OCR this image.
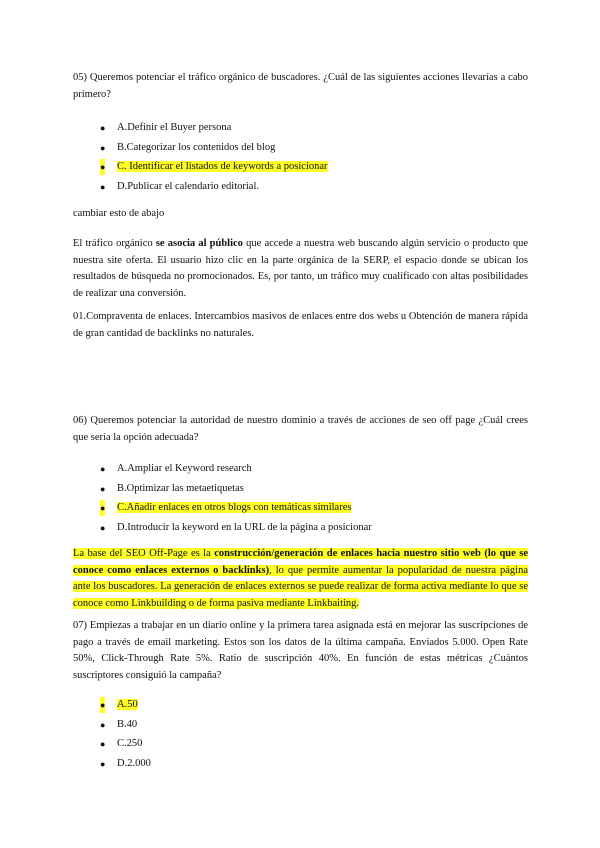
05) Queremos potenciar el tráfico orgánico de buscadores. ¿Cuál de las siguientes acciones llevarías a cabo primero?

● A.Definir el Buyer persona
● B.Categorizar los contenidos del blog
● C. Identificar el listados de keywords a posicionar
● D.Publicar el calendario editorial.

cambiar esto de abajo

El tráfico orgánico se asocia al público que accede a nuestra web buscando algún servicio o producto que nuestra site oferta. El usuario hizo clic en la parte orgánica de la SERP, el espacio donde se ubican los resultados de búsqueda no promocionados. Es, por tanto, un tráfico muy cualificado con altas posibilidades de realizar una conversión.

01.Compraventa de enlaces. Intercambios masivos de enlaces entre dos webs u Obtención de manera rápida de gran cantidad de backlinks no naturales.

06) Queremos potenciar la autoridad de nuestro dominio a través de acciones de seo off page ¿Cuál crees que sería la opción adecuada?

● A.Ampliar el Keyword research
● B.Optimizar las metaetiquetas
● C.Añadir enlaces en otros blogs con temáticas similares
● D.Introducir la keyword en la URL de la página a posicionar

La base del SEO Off-Page es la construcción/generación de enlaces hacia nuestro sitio web (lo que se conoce como enlaces externos o backlinks), lo que permite aumentar la popularidad de nuestra página ante los buscadores. La generación de enlaces externos se puede realizar de forma activa mediante lo que se conoce como Linkbuilding o de forma pasiva mediante Linkbaiting.

07) Empiezas a trabajar en un diario online y la primera tarea asignada está en mejorar las suscripciones de pago a través de email marketing. Estos son los datos de la última campaña. Enviados 5.000. Open Rate 50%, Click-Through Rate 5%. Ratio de suscripción 40%. En función de estas métricas ¿Cuántos suscriptores consiguió la campaña?

● A.50
● B.40
● C.250
● D.2.000
